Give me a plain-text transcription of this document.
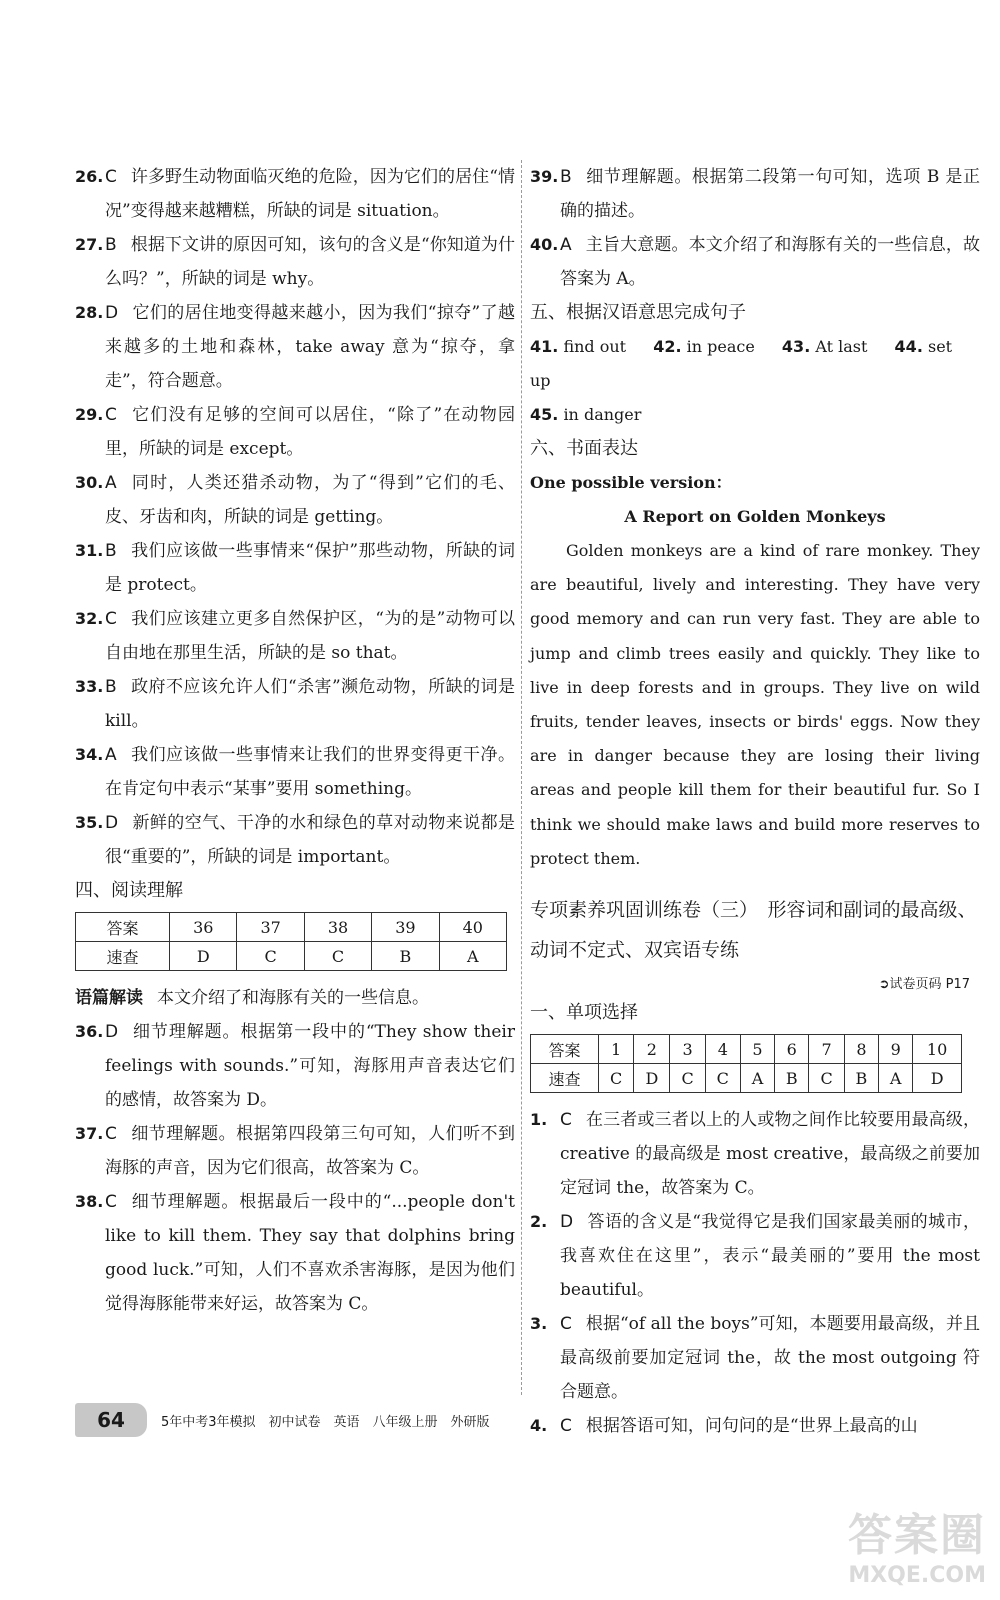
26. C 许多野生动物面临灭绝的危险，因为它们的居住“情况”变得越来越糟糕，所缺的词是 situation。

27. B 根据下文讲的原因可知，该句的含义是“你知道为什么吗？”，所缺的词是 why。

28. D 它们的居住地变得越来越小，因为我们“掠夺”了越来越多的土地和森林，take away 意为“掠夺，拿走”，符合题意。

29. C 它们没有足够的空间可以居住，“除了”在动物园里，所缺的词是 except。

30. A 同时，人类还猎杀动物，为了“得到”它们的毛、皮、牙齿和肉，所缺的词是 getting。

31. B 我们应该做一些事情来“保护”那些动物，所缺的词是 protect。

32. C 我们应该建立更多自然保护区，“为的是”动物可以自由地在那里生活，所缺的是 so that。

33. B 政府不应该允许人们“杀害”濒危动物，所缺的词是 kill。

34. A 我们应该做一些事情来让我们的世界变得更干净。在肯定句中表示“某事”要用 something。

35. D 新鲜的空气、干净的水和绿色的草对动物来说都是很“重要的”，所缺的词是 important。

四、阅读理解

答案	36	37	38	39	40
速查	D	C	C	B	A

语篇解读 本文介绍了和海豚有关的一些信息。

36. D 细节理解题。根据第一段中的“They show their feelings with sounds.”可知，海豚用声音表达它们的感情，故答案为 D。

37. C 细节理解题。根据第四段第三句可知，人们听不到海豚的声音，因为它们很高，故答案为 C。

38. C 细节理解题。根据最后一段中的“...people don't like to kill them. They say that dolphins bring good luck.”可知，人们不喜欢杀害海豚，是因为他们觉得海豚能带来好运，故答案为 C。

39. B 细节理解题。根据第二段第一句可知，选项 B 是正确的描述。

40. A 主旨大意题。本文介绍了和海豚有关的一些信息，故答案为 A。

五、根据汉语意思完成句子

41. find out 42. in peace 43. At last 44. set up
45. in danger

六、书面表达

One possible version：

A Report on Golden Monkeys

Golden monkeys are a kind of rare monkey. They are beautiful, lively and interesting. They have very good memory and can run very fast. They are able to jump and climb trees easily and quickly. They like to live in deep forests and in groups. They live on wild fruits, tender leaves, insects or birds' eggs. Now they are in danger because they are losing their living areas and people kill them for their beautiful fur. So I think we should make laws and build more reserves to protect them.

专项素养巩固训练卷（三）　形容词和副词的最高级、动词不定式、双宾语专练

➲试卷页码 P17

一、单项选择

答案	1	2	3	4	5	6	7	8	9	10
速查	C	D	C	C	A	B	C	B	A	D

1. C 在三者或三者以上的人或物之间作比较要用最高级，creative 的最高级是 most creative，最高级之前要加定冠词 the，故答案为 C。

2. D 答语的含义是“我觉得它是我们国家最美丽的城市，我喜欢住在这里”，表示“最美丽的”要用 the most beautiful。

3. C 根据“of all the boys”可知，本题要用最高级，并且最高级前要加定冠词 the，故 the most outgoing 符合题意。

4. C 根据答语可知，问句问的是“世界上最高的山

64	5年中考3年模拟　初中试卷　英语　八年级上册　外研版
答案圈
MXQE.COM
